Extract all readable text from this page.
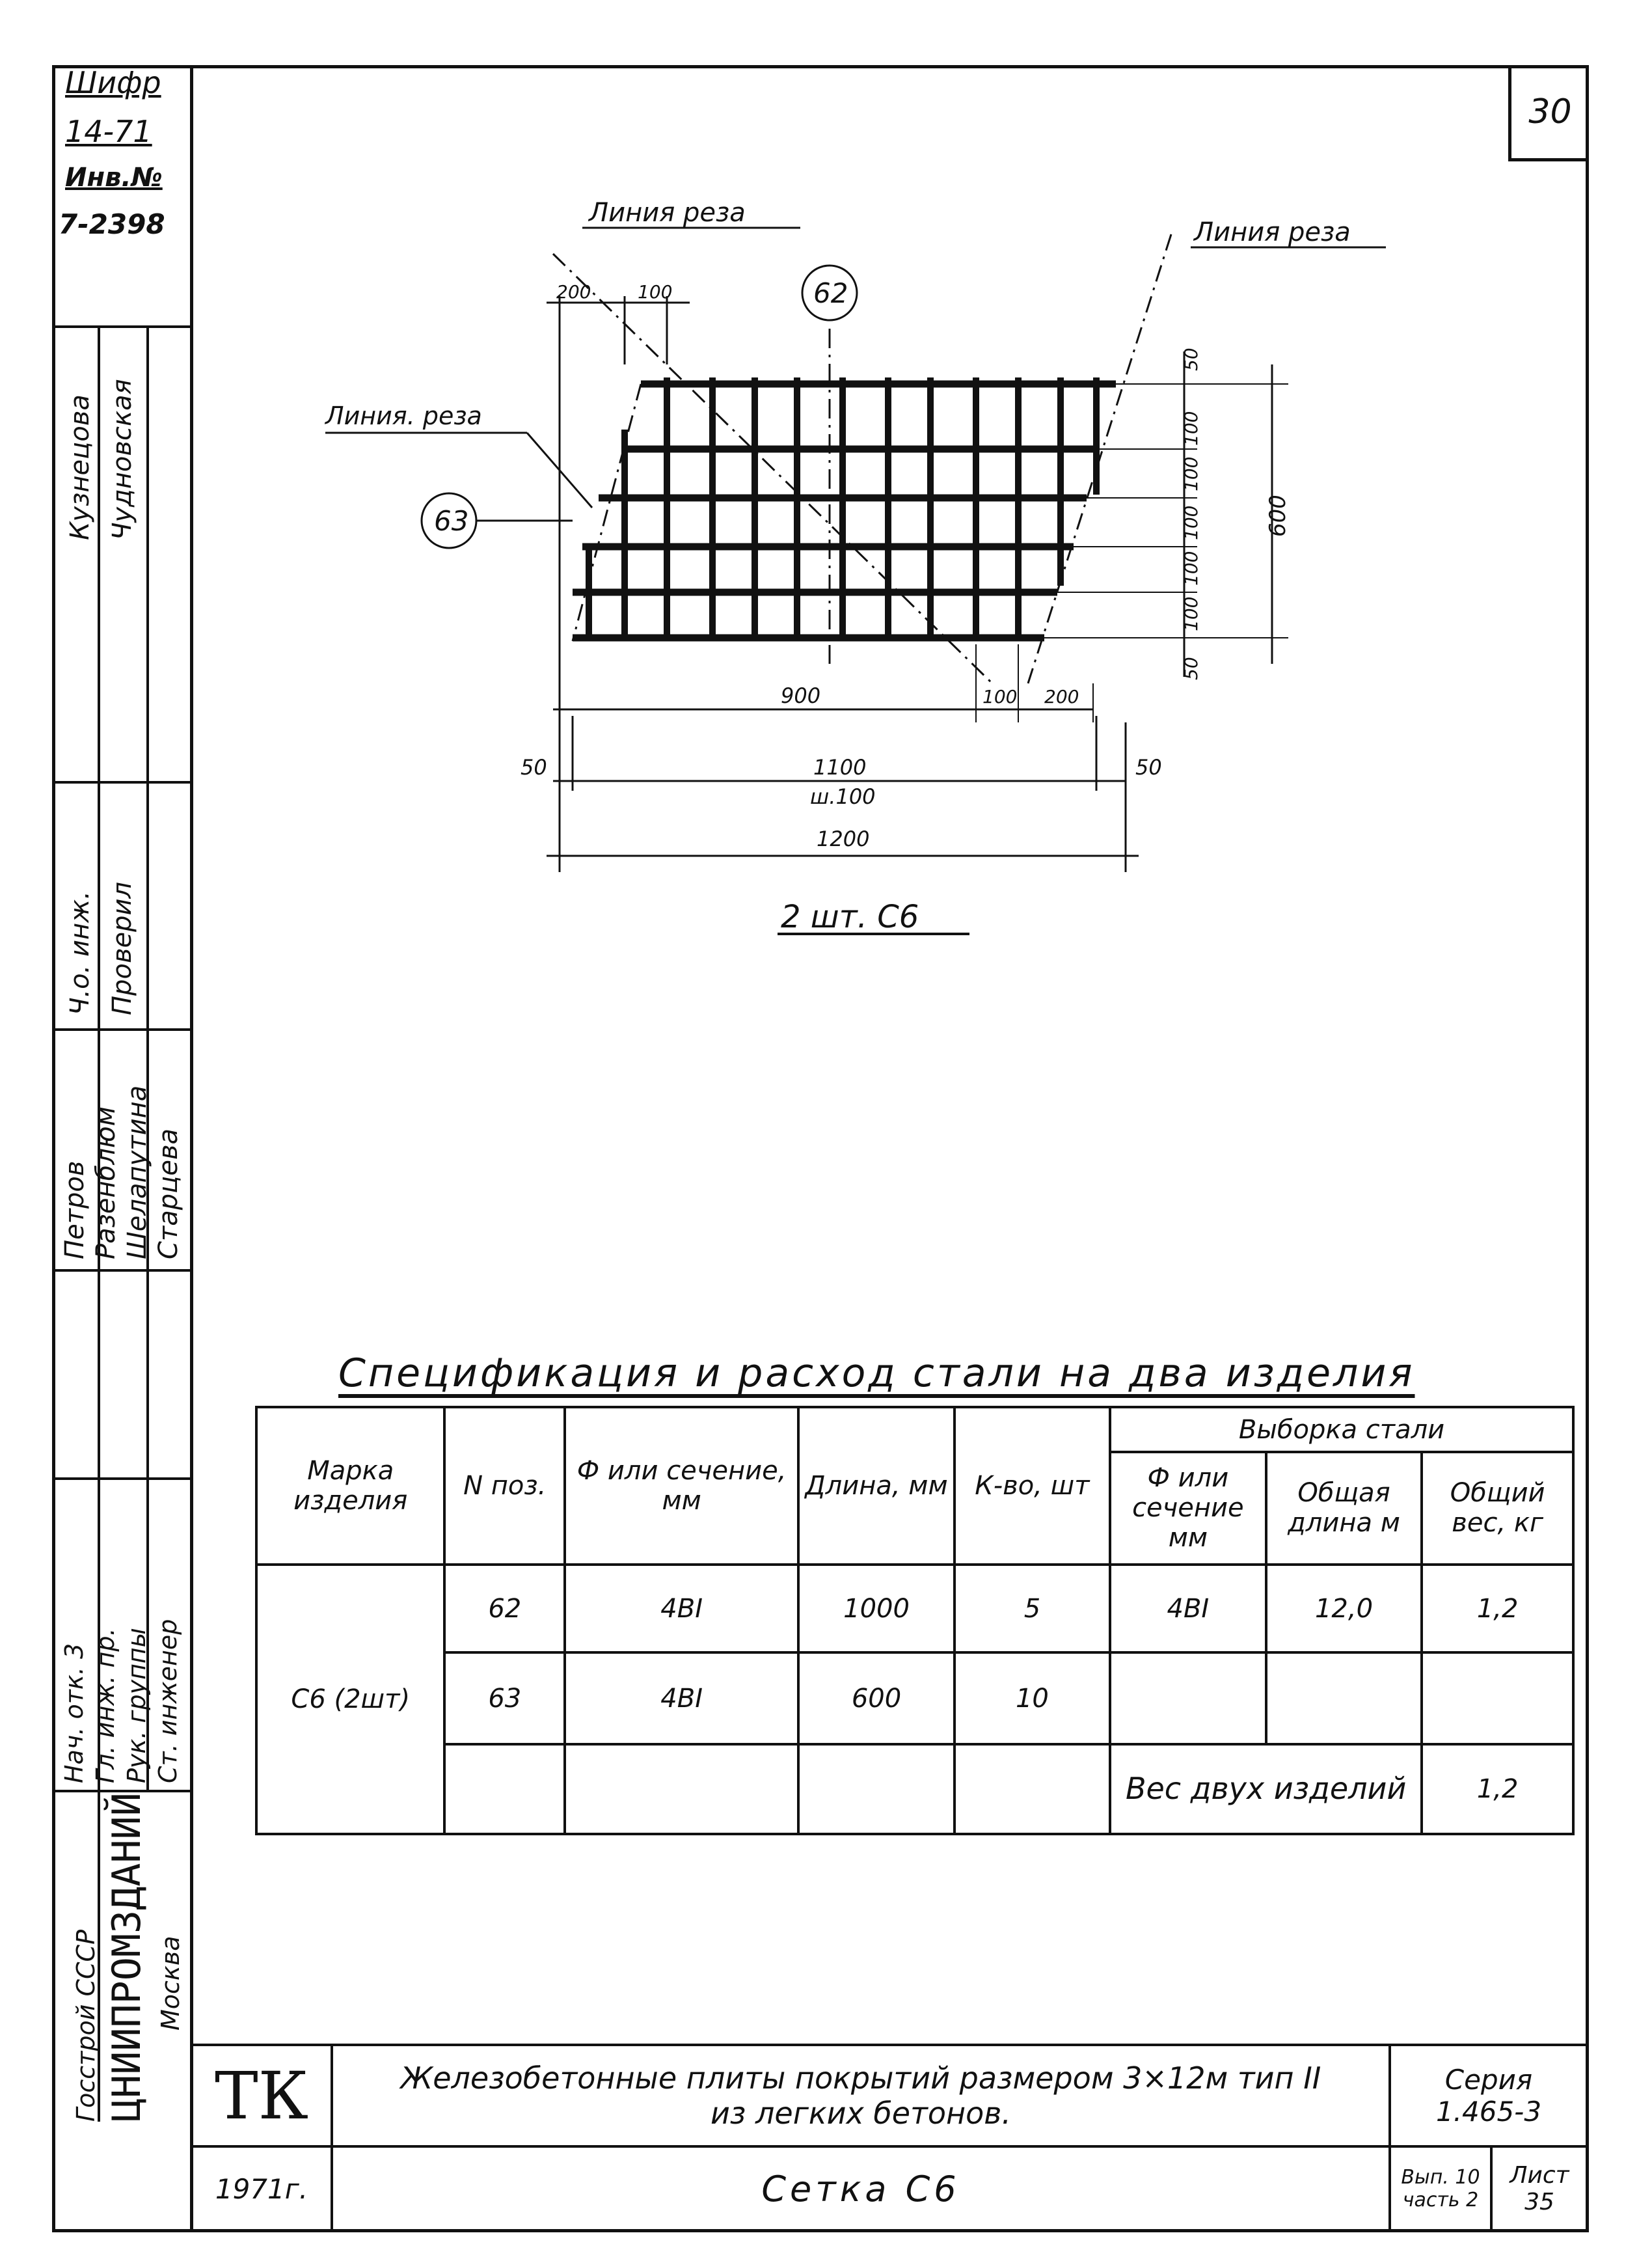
Шифр
14-71
Инв.№
7-2398
Кузнецова Чудновская
Ч.о. инж. Проверил
Петров Разенблюм Шелапутина Старцева
Нач. отк. 3 Гл. инж. пр. Рук. группы Ст. инженер
Госстрой СССР ЦНИИПРОМЗДАНИЙ Москва
30
Линия реза
Линия реза
Линия. реза
62
63
200	100
50
100
100
100
100
100
50
600
900	100 200
50	1100
ш.100
50
1200
2 шт. С6
Спецификация и расход стали на два изделия
Марка изделия	N поз.	Ф или сечение, мм	Длина, мм	К-во, шт	Выборка стали		
					Ф или сечение мм	Общая длина м	Общий вес, кг
С6 (2шт)	62	4ВI	1000	5	4ВI	12,0	1,2
	63	4ВI	600	10			
					Вес двух изделий		1,2
ТК	Железобетонные плиты покрытий размером 3×12м тип II
из легких бетонов.
Серия
1.465-3
1971г.	Сетка С6	Вып. 10 часть 2
Лист
35
